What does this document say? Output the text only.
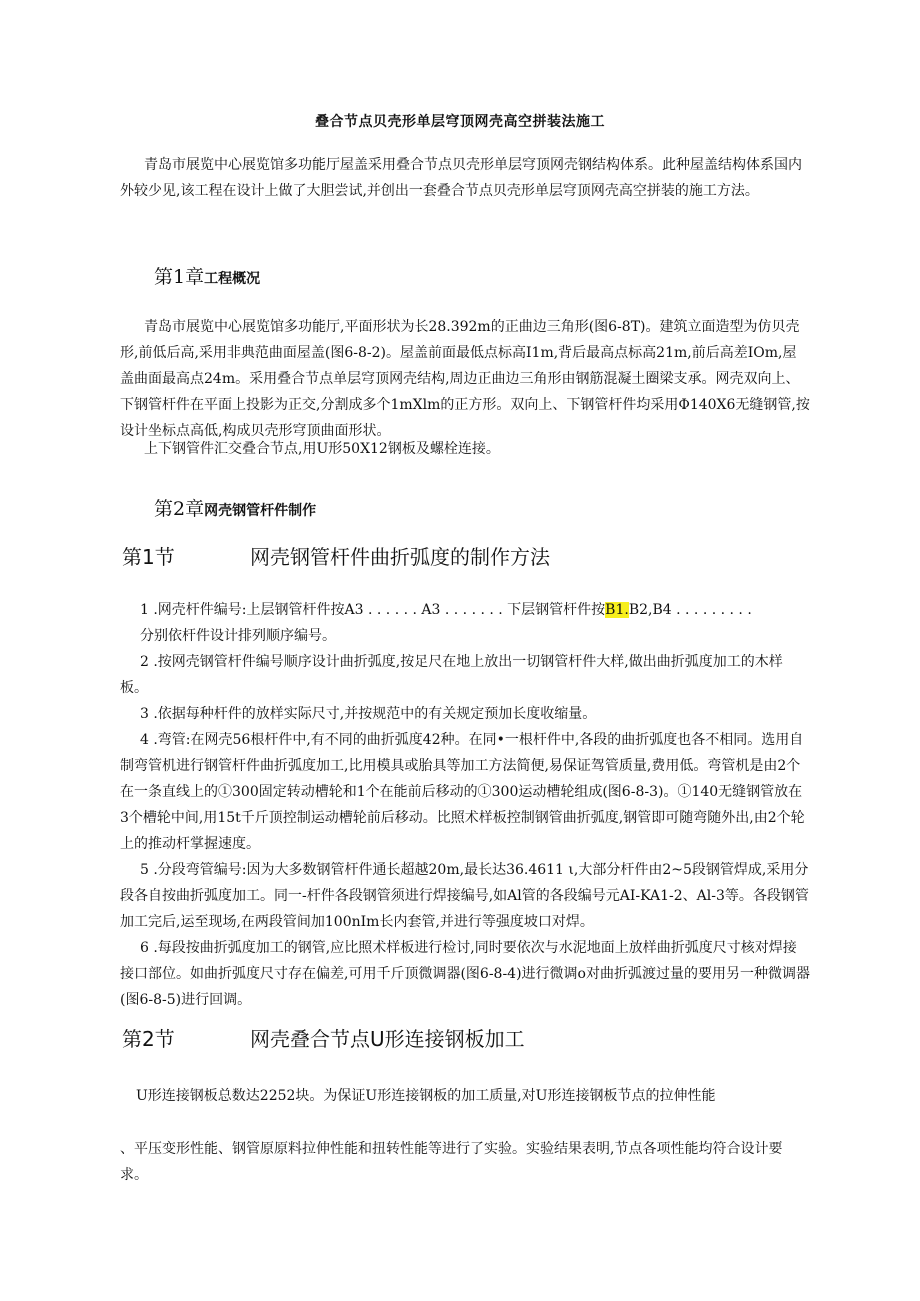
叠合节点贝壳形单层穹顶网壳高空拼装法施工
青岛市展览中心展览馆多功能厅屋盖采用叠合节点贝壳形单层穹顶网壳钢结构体系。此种屋盖结构体系国内外较少见,该工程在设计上做了大胆尝试,并创出一套叠合节点贝壳形单层穹顶网壳高空拼装的施工方法。
第1章工程概况
青岛市展览中心展览馆多功能厅,平面形状为长28.392m的正曲边三角形(图6-8T)。建筑立面造型为仿贝壳形,前低后高,采用非典范曲面屋盖(图6-8-2)。屋盖前面最低点标高I1m,背后最高点标高21m,前后高差IOm,屋盖曲面最高点24m。采用叠合节点单层穹顶网壳结构,周边正曲边三角形由钢筋混凝土圈梁支承。网壳双向上、下钢管杆件在平面上投影为正交,分割成多个1mXlm的正方形。双向上、下钢管杆件均采用Φ140X6无缝钢管,按设计坐标点高低,构成贝壳形穹顶曲面形状。
上下钢管件汇交叠合节点,用U形50X12钢板及螺栓连接。
第2章网壳钢管杆件制作
第1节	网壳钢管杆件曲折弧度的制作方法
1 .网壳杆件编号:上层钢管杆件按A3 . . . . . . A3 . . . . . . . 下层钢管杆件按B1.B2,B4 . . . . . . . . .
分别依杆件设计排列顺序编号。
2 .按网壳钢管杆件编号顺序设计曲折弧度,按足尺在地上放出一切钢管杆件大样,做出曲折弧度加工的木样板。
3 .依据每种杆件的放样实际尺寸,并按规范中的有关规定预加长度收缩量。
4 .弯管:在网壳56根杆件中,有不同的曲折弧度42种。在同•一根杆件中,各段的曲折弧度也各不相同。选用自制弯管机进行钢管杆件曲折弧度加工,比用模具或胎具等加工方法简便,易保证驾管质量,费用低。弯管机是由2个在一条直线上的①300固定转动槽轮和1个在能前后移动的①300运动槽轮组成(图6-8-3)。①140无缝钢管放在3个槽轮中间,用15t千斤顶控制运动槽轮前后移动。比照术样板控制钢管曲折弧度,钢管即可随弯随外出,由2个轮上的推动杆掌握速度。
5 .分段弯管编号:因为大多数钢管杆件通长超越20m,最长达36.4611 ι,大部分杆件由2~5段钢管焊成,采用分段各自按曲折弧度加工。同一-杆件各段钢管须进行焊接编号,如Al管的各段编号元AI-KA1-2、Al-3等。各段钢管加工完后,运至现场,在两段管间加100nIm长内套管,并进行等强度坡口对焊。
6 .每段按曲折弧度加工的钢管,应比照术样板进行检讨,同时要依次与水泥地面上放样曲折弧度尺寸核对焊接接口部位。如曲折弧度尺寸存在偏差,可用千斤顶微调器(图6-8-4)进行微调o对曲折弧渡过量的要用另一种微调器(图6-8-5)进行回调。
第2节	网壳叠合节点U形连接钢板加工
U形连接钢板总数达2252块。为保证U形连接钢板的加工质量,对U形连接钢板节点的拉伸性能
、平压变形性能、钢管原原料拉伸性能和扭转性能等进行了实验。实验结果表明,节点各项性能均符合设计要求。
